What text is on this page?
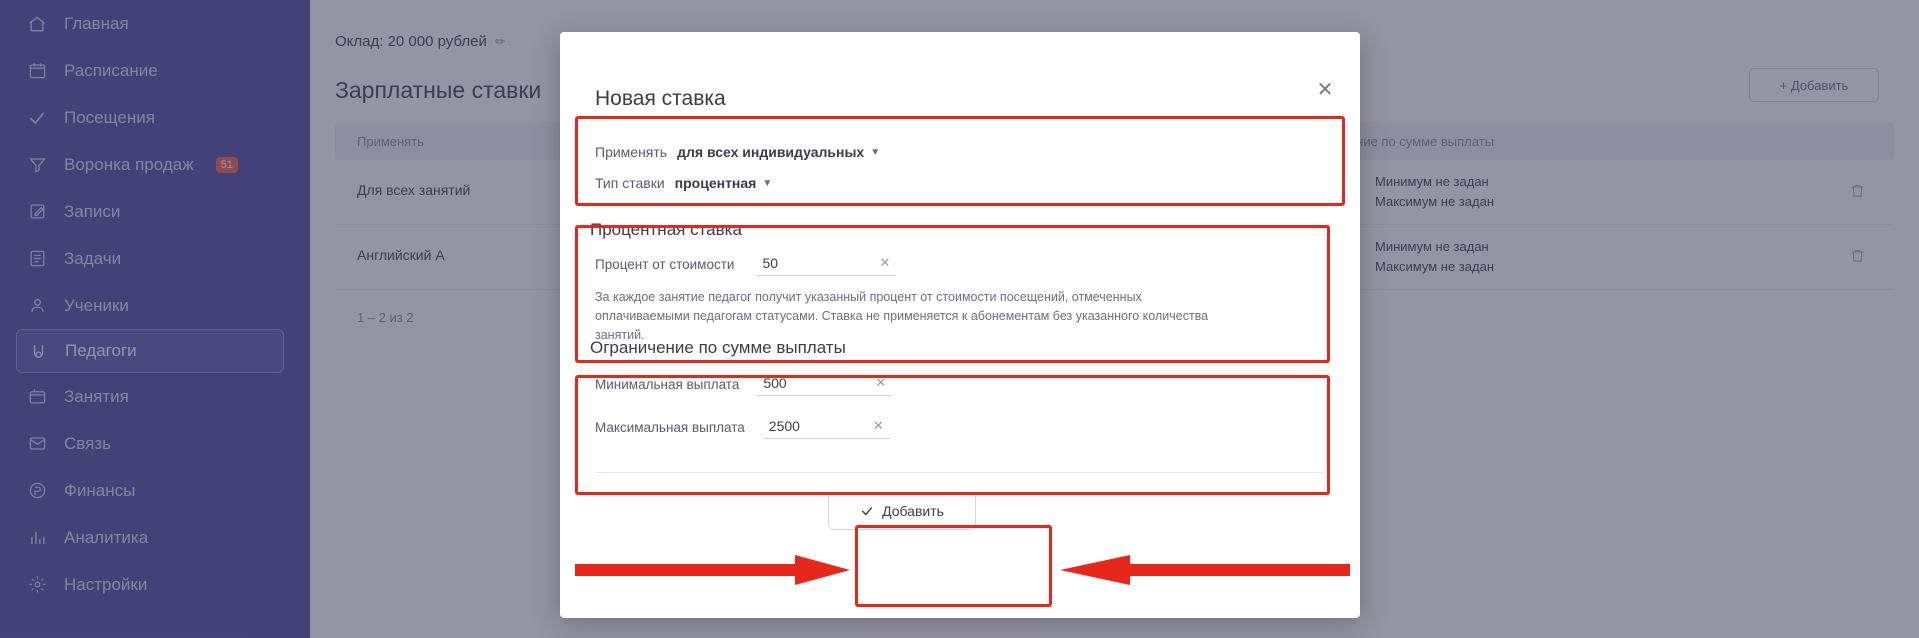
Новая ставка	✕
Применять для всех индивидуальных ▼
Тип ставки процентная ▼
Процентная ставка
Процент от стоимости	50	✕
За каждое занятие педагог получит указанный процент от стоимости посещений, отмеченных оплачиваемыми педагогам статусами. Ставка не применяется к абонементам без указанного количества занятий.
Ограничение по сумме выплаты
Минимальная выплата	500	✕
Максимальная выплата	2500	✕
Добавить
